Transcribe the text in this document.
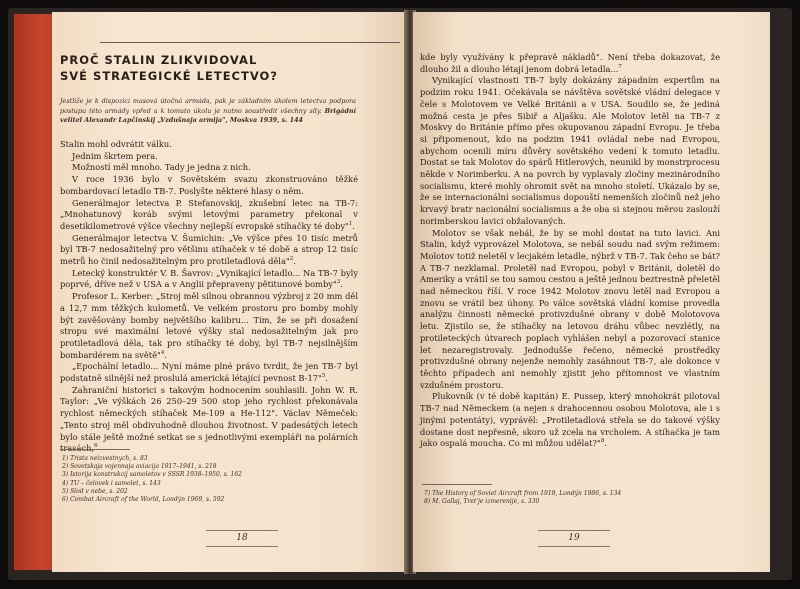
PROČ STALIN ZLIKVIDOVAL
SVÉ STRATEGICKÉ LETECTVO?
Jestliže je k dispozici masová útočná armáda, pak je základním úkolem letectva podpora postupu této armády vpřed a k tomuto úkolu je nutno soustředit všechny síly. Brigádní velitel Alexandr Lapčinskij „Vzdušnaja armija", Moskva 1939, s. 144

Stalin mohl odvrátit válku.

Jednim škrtem pera.

Možností měl mnoho. Tady je jedna z nich.

V roce 1936 bylo v Sovětském svazu zkonstruováno těžké bombardovací letadlo TB-7. Poslyšte některé hlasy o něm.

Generálmajor letectva P. Stefanovskij, zkušební letec na TB-7: „Mnohatunový koráb svými letovými parametry překonal v desetikilometrové výšce všechny nejlepší evropské stíhačky té doby"$^1$.

Generálmajor letectva V. Šumichin: „Ve výšce přes 10 tisíc metrů byl TB-7 nedosažitelný pro většinu stíhaček v té době a strop 12 tisíc metrů ho činil nedosažitelným pro protiletadlová děla"$^2$.

Letecký konstruktér V. B. Šavrov: „Vynikající letadlo... Na TB-7 byly poprvé, dříve než v USA a v Anglii přepraveny pětitunové bomby"$^3$.

Profesor L. Kerber: „Stroj měl silnou obrannou výzbroj z 20 mm děl a 12,7 mm těžkých kulometů. Ve velkém prostoru pro bomby mohly být zavěšovány bomby největšího kalibru... Tím, že se při dosažení stropu své maximální letové výšky stal nedosažitelným jak pro protiletadlová děla, tak pro stíhačky té doby, byl TB-7 nejsilnějším bombardérem na světě"$^4$.

„Epochální letadlo... Nyní máme plné právo tvrdit, že jen TB-7 byl podstatně silnější než proslulá americká létající pevnost B-17"$^5$.

Zahraniční historici s takovým hodnocením souhlasili. John W. R. Taylor: „Ve výškách 26 250–29 500 stop jeho rychlost překonávala rychlost německých stíhaček Me-109 a He-112". Václav Němeček: „Tento stroj měl obdivuhodně dlouhou životnost. V padesátých letech bylo stále ještě možné setkat se s jednotlivými exempláři na polárních trasách,$^6$

1) Trista neizvestnych, s. 83
2) Sovetskaja vojennaja aviacija 1917–1941, s. 218
3) Istorija konstrukcij samoletov v SSSR 1938–1950, s. 162
4) TU – čelovek i samolet, s. 143
5) Slod v nebe, s. 202
6) Combat Aircraft of the World, Londýn 1969, s. 592
18

kde byly využívány k přepravě nákladů". Není třeba dokazovat, že dlouho žil a dlouho létají jenom dobrá letadla...$^7$

Vynikající vlastnosti TB-7 byly dokázány západním expertům na podzim roku 1941. Očekávala se návštěva sovětské vládní delegace v čele s Molotovem ve Velké Británii a v USA. Soudilo se, že jediná možná cesta je přes Sibiř a Aljašku. Ale Molotov letěl na TB-7 z Moskvy do Británie přímo přes okupovanou západní Evropu. Je třeba si připomenout, kdo na podzim 1941 ovládal nebe nad Evropou, abychom ocenili míru důvěry sovětského vedení k tomuto letadlu. Dostat se tak Molotov do spárů Hitlerových, neunikl by monstrprocesu někde v Norimberku. A na povrch by vyplavaly zločiny mezinárodního socialismu, které mohly ohromit svět na mnoho století. Ukázalo by se, že se internacionální socialismus dopouští nemenších zločinů než jeho krvavý bratr nacionální socialismus a že oba si stejnou měrou zaslouží norimberskou lavici obžalovaných.

Molotov se však nebál, že by se mohl dostat na tuto lavici. Ani Stalin, když vyprovázel Molotova, se nebál soudu nad svým režimem: Molotov totiž neletěl v lecjakém letadle, nýbrž v TB-7. Tak čeho se bát? A TB-7 nezklamal. Proletěl nad Evropou, pobyl v Británii, doletěl do Ameriky a vrátil se tou samou cestou a ještě jednou beztrestně přeletěl nad německou říší. V roce 1942 Molotov znovu letěl nad Evropou a znovu se vrátil bez úhony. Po válce sovětská vládní komise provedla analýzu činnosti německé protivzdušné obrany v době Molotovova letu. Zjistilo se, že stíhačky na letovou dráhu vůbec nevzlétly, na protileteckých útvarech poplach vyhlášen nebyl a pozorovací stanice let nezaregistrovaly. Jednodušše řečeno, německé prostředky protivzdušné obrany nejenže nemohly zasáhnout TB-7, ale dokonce v těchto případech ani nemohly zjistit jeho přítomnost ve vlastním vzdušném prostoru.

Plukovník (v té době kapitán) E. Pussep, který mnohokrát pilotoval TB-7 nad Německem (a nejen s drahocennou osobou Molotova, ale i s jinými potentáty), vyprávěl: „Protiletadlová střela se do takové výšky dostane dost nepřesně, skoro už zcela na vrcholem. A stíhačka je tam jako ospalá moucha. Co mi můžou udělat?"$^8$.

7) The History of Soviet Aircraft from 1918, Londýn 1986, s. 134
8) M. Gallaj, Tret'je izmerenije, s. 330
19
